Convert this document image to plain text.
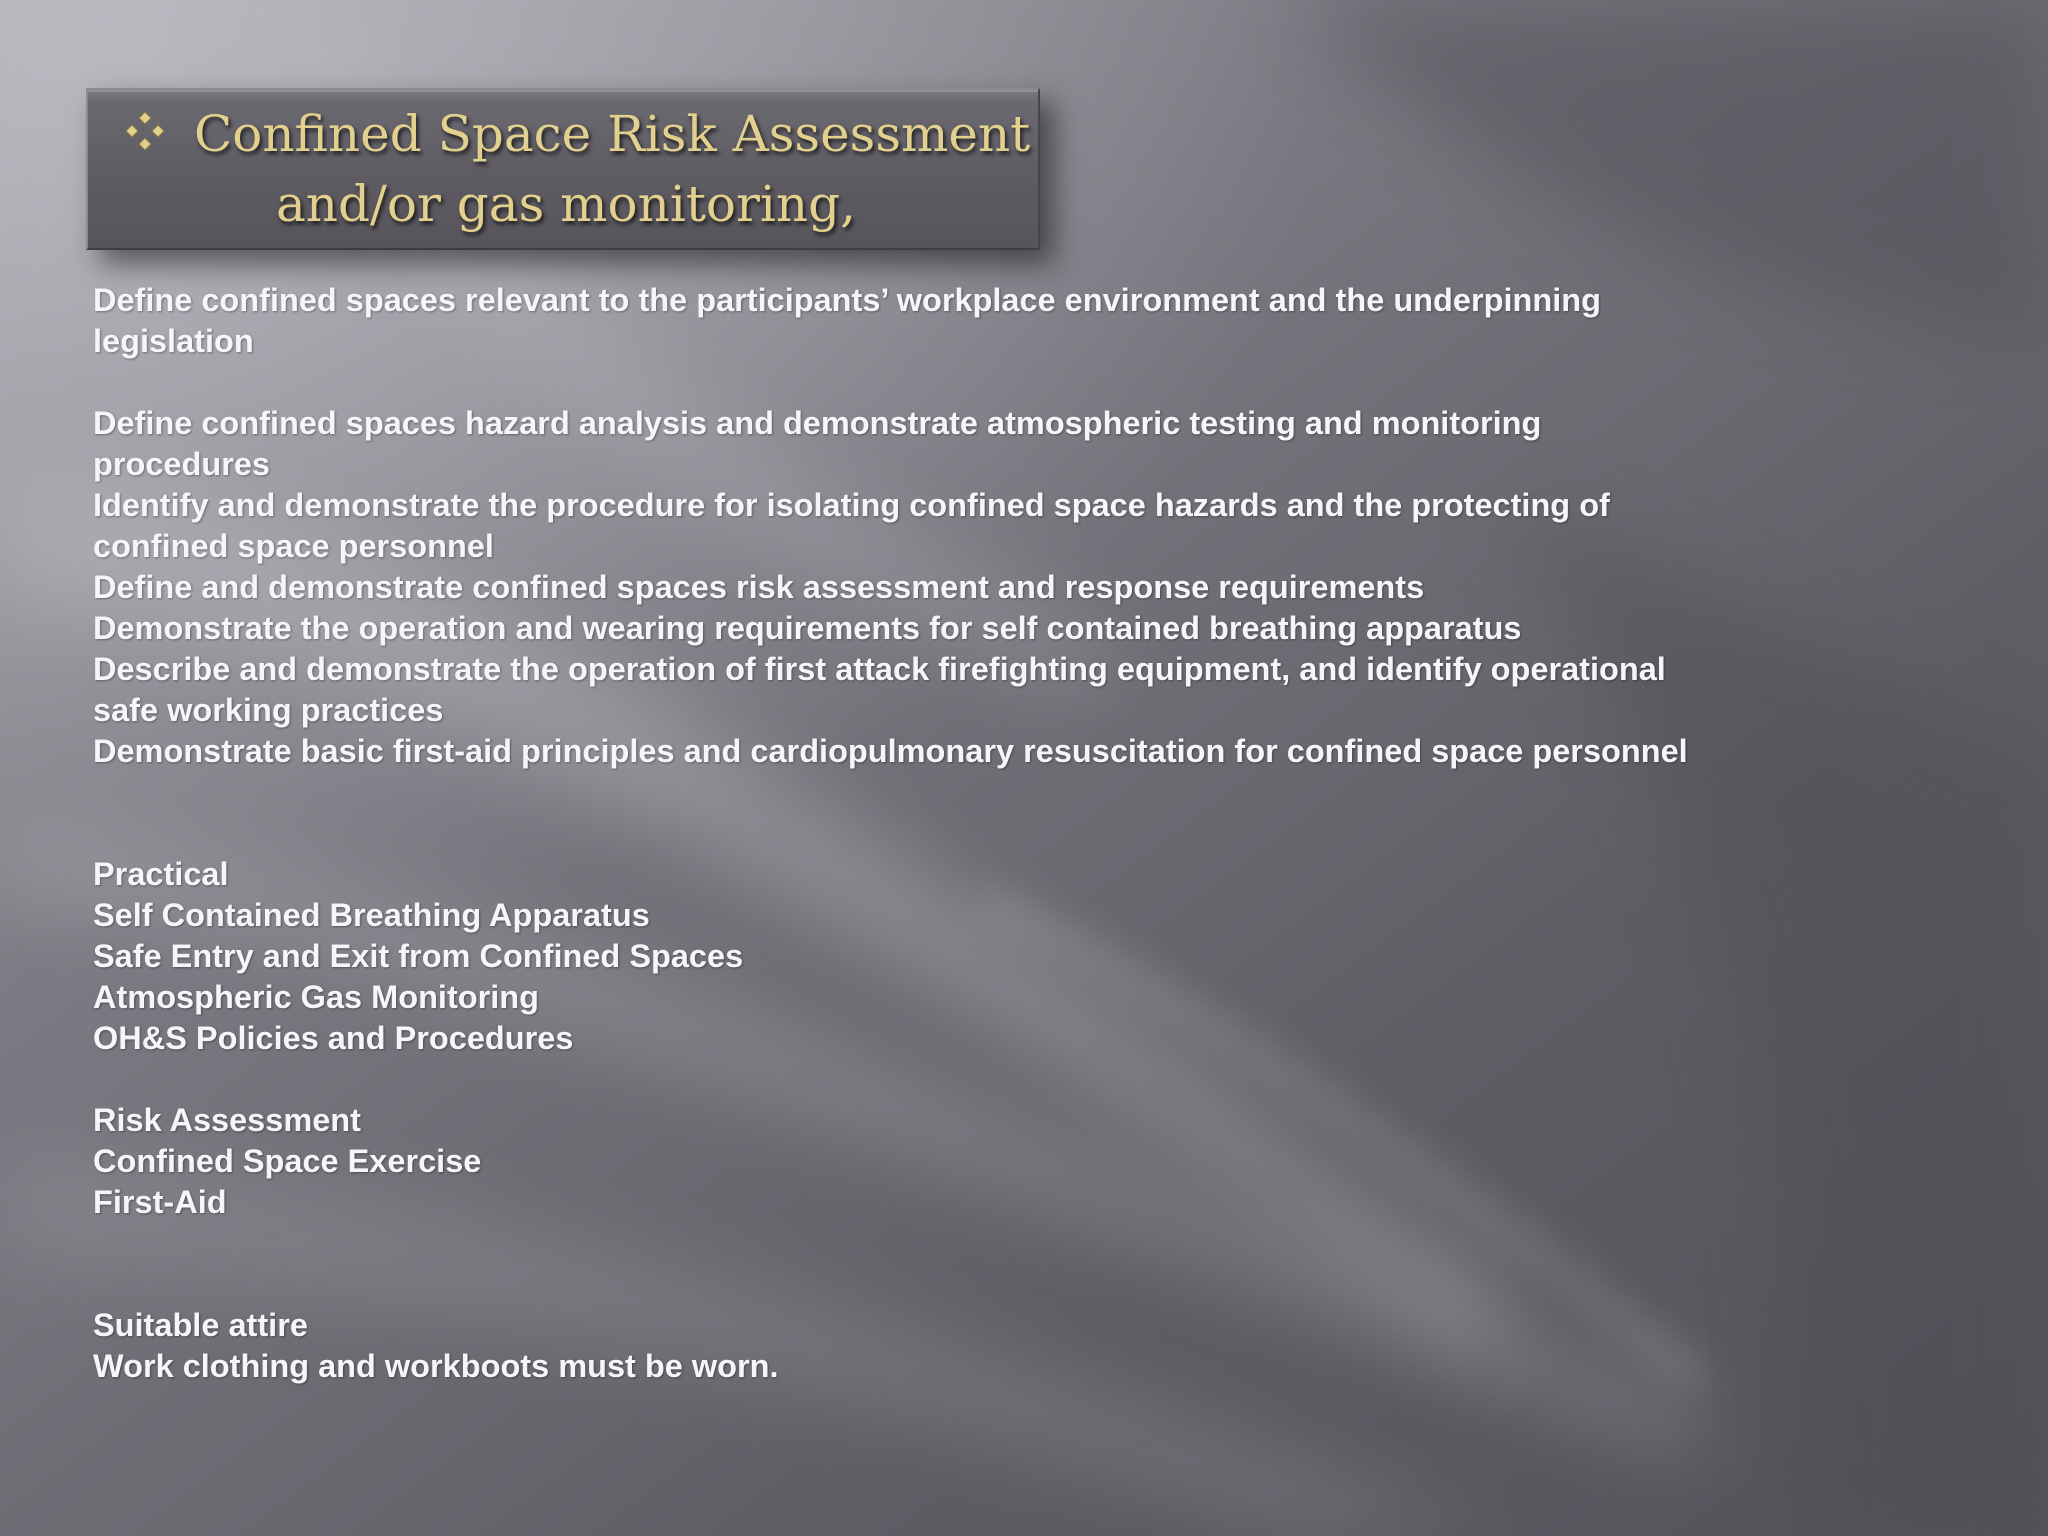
Confined Space Risk Assessment
and/or gas monitoring,

Define confined spaces relevant to the participants’ workplace environment and the underpinning

legislation

Define confined spaces hazard analysis and demonstrate atmospheric testing and monitoring

procedures

Identify and demonstrate the procedure for isolating confined space hazards and the protecting of

confined space personnel

Define and demonstrate confined spaces risk assessment and response requirements

Demonstrate the operation and wearing requirements for self contained breathing apparatus

Describe and demonstrate the operation of first attack firefighting equipment, and identify operational

safe working practices

Demonstrate basic first-aid principles and cardiopulmonary resuscitation for confined space personnel

Practical

Self Contained Breathing Apparatus

Safe Entry and Exit from Confined Spaces

Atmospheric Gas Monitoring

OH&S Policies and Procedures

Risk Assessment

Confined Space Exercise

First-Aid

Suitable attire

Work clothing and workboots must be worn.
